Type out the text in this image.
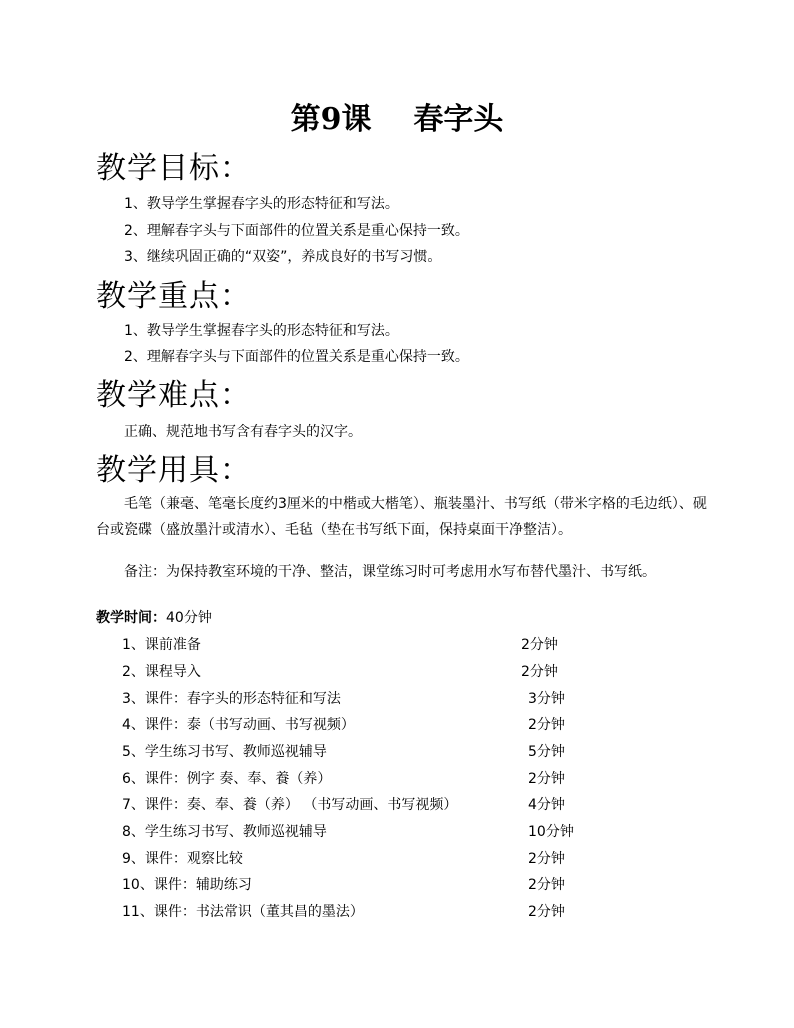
第9课    春字头
教学目标：
1、教导学生掌握春字头的形态特征和写法。
2、理解春字头与下面部件的位置关系是重心保持一致。
3、继续巩固正确的“双姿”，养成良好的书写习惯。
教学重点：
1、教导学生掌握春字头的形态特征和写法。
2、理解春字头与下面部件的位置关系是重心保持一致。
教学难点：
正确、规范地书写含有春字头的汉字。
教学用具：
毛笔（兼毫、笔毫长度约3厘米的中楷或大楷笔）、瓶装墨汁、书写纸（带米字格的毛边纸）、砚台或瓷碟（盛放墨汁或清水）、毛毡（垫在书写纸下面，保持桌面干净整洁）。
备注：为保持教室环境的干净、整洁，课堂练习时可考虑用水写布替代墨汁、书写纸。
教学时间：40分钟
1、课前准备	2分钟
2、课程导入	2分钟
3、课件：春字头的形态特征和写法	3分钟
4、课件：泰（书写动画、书写视频）	2分钟
5、学生练习书写、教师巡视辅导	5分钟
6、课件：例字 奏、奉、養（养）	2分钟
7、课件：奏、奉、養（养） （书写动画、书写视频）	4分钟
8、学生练习书写、教师巡视辅导	10分钟
9、课件：观察比较	2分钟
10、课件：辅助练习	2分钟
11、课件：书法常识（董其昌的墨法）	2分钟
